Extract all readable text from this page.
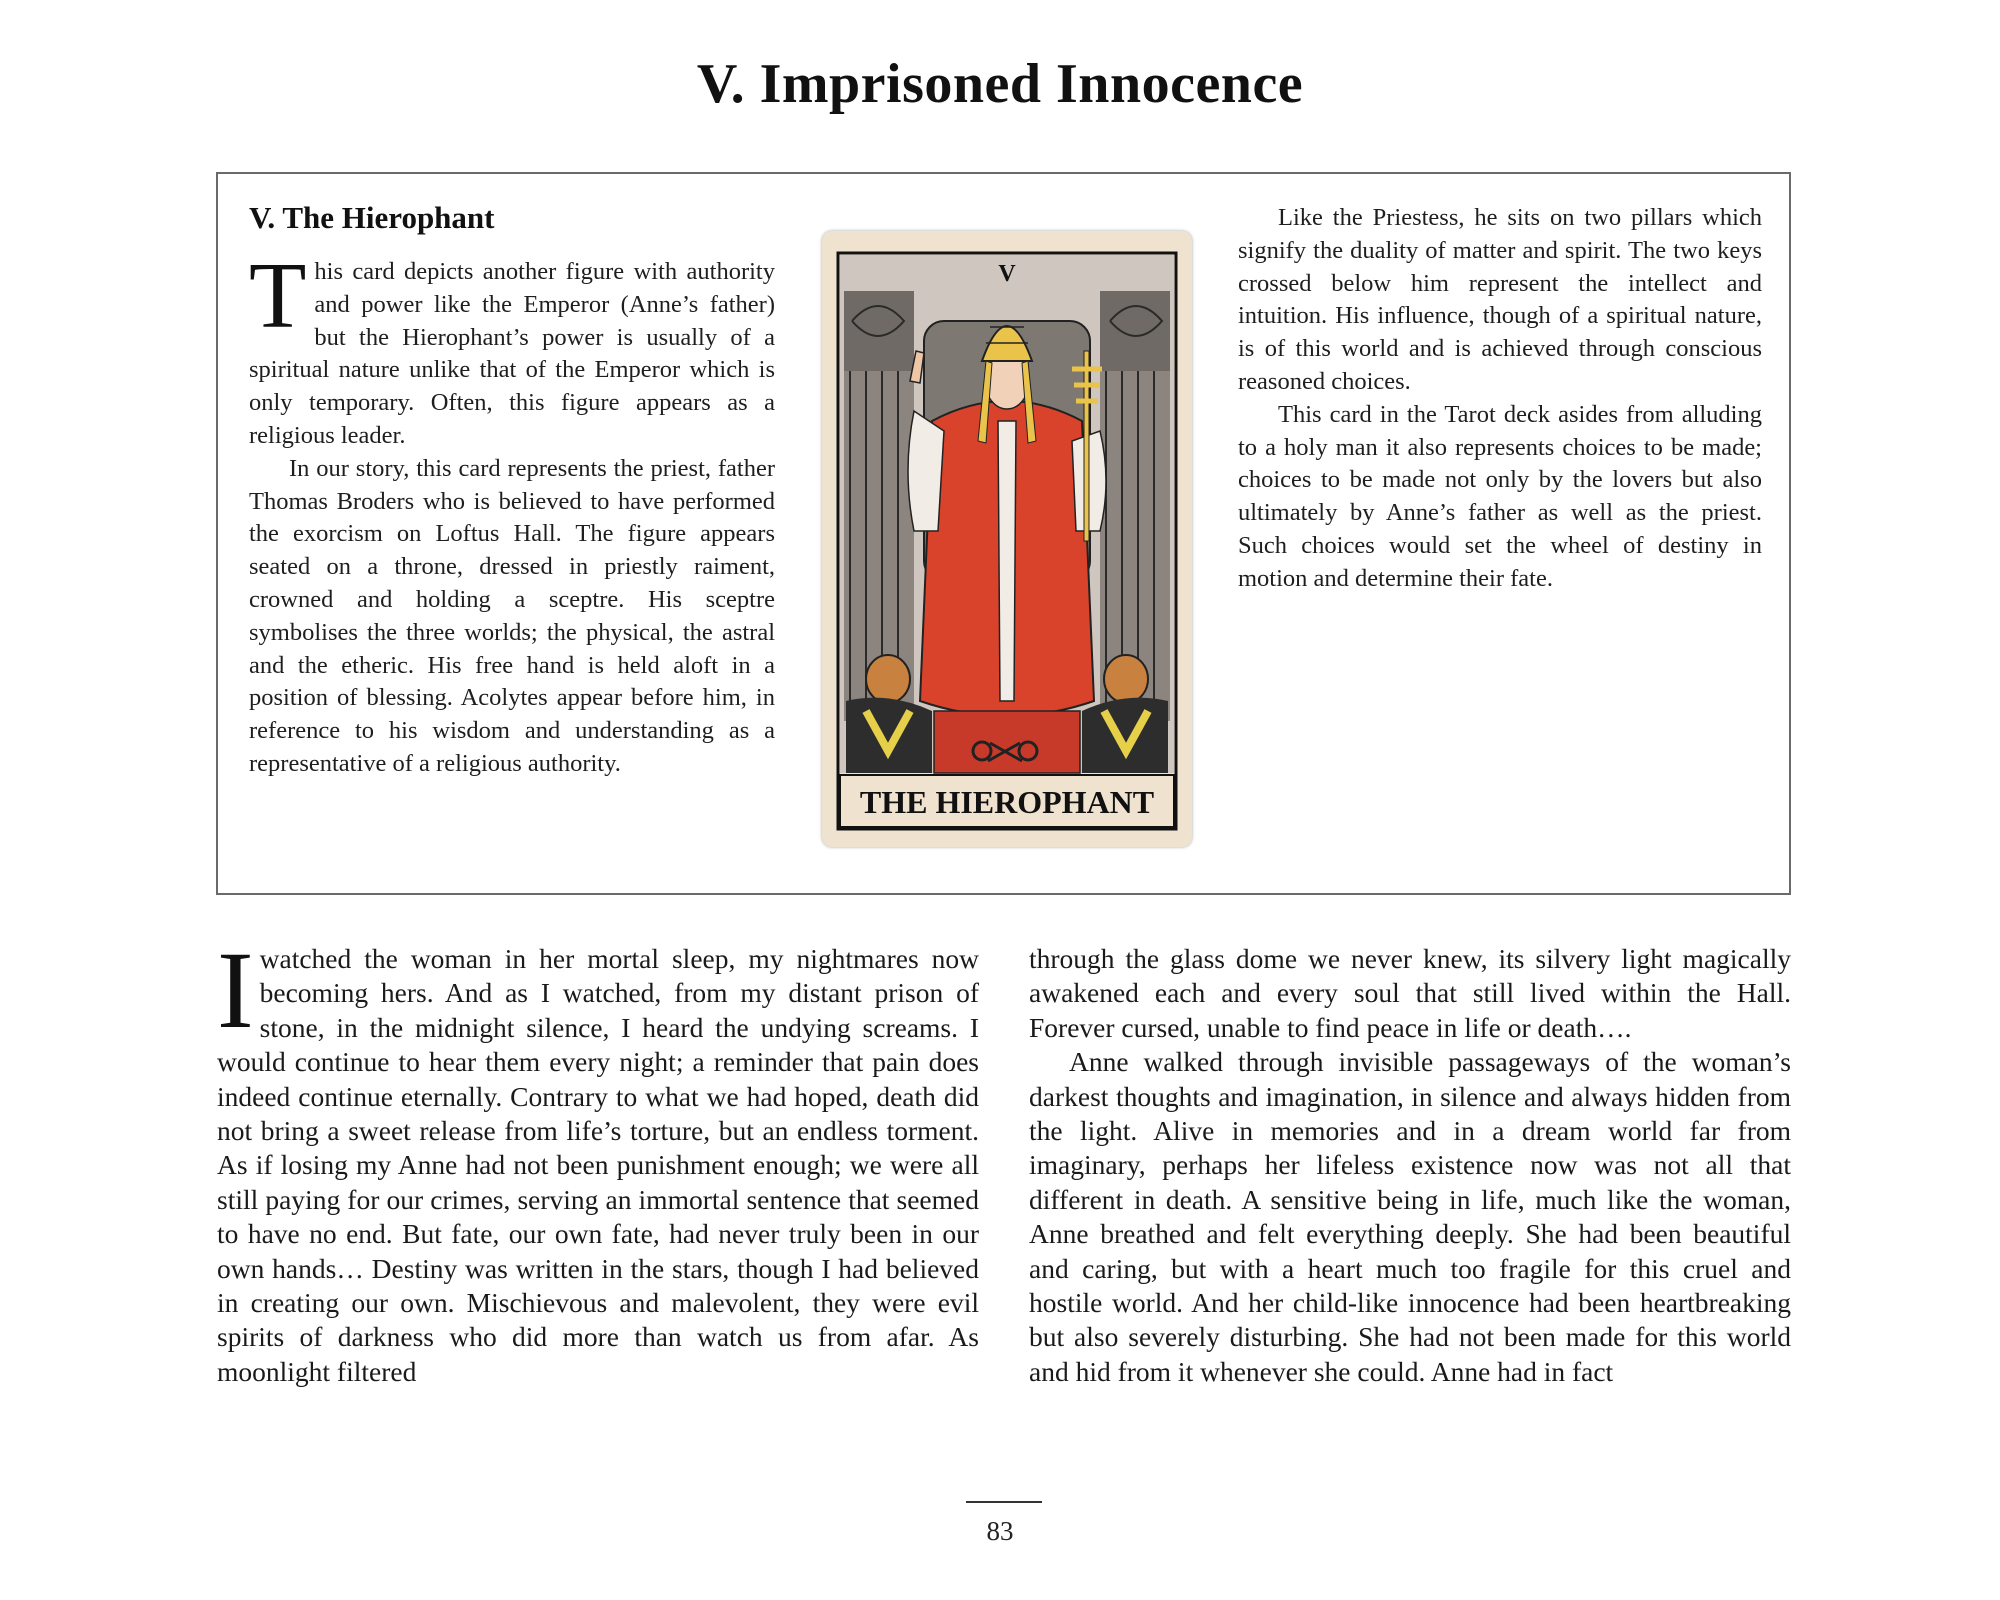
V. Imprisoned Innocence
V. The Hierophant

This card depicts another figure with authority and power like the Emperor (Anne’s father) but the Hierophant’s power is usually of a spiritual nature unlike that of the Emperor which is only temporary. Often, this figure appears as a religious leader.

In our story, this card represents the priest, father Thomas Broders who is believed to have performed the exorcism on Loftus Hall. The figure appears seated on a throne, dressed in priestly raiment, crowned and holding a sceptre. His sceptre symbolises the three worlds; the physical, the astral and the etheric. His free hand is held aloft in a position of blessing. Acolytes appear before him, in reference to his wisdom and understanding as a representative of a religious authority.

V
THE HIEROPHANT

Like the Priestess, he sits on two pillars which signify the duality of matter and spirit. The two keys crossed below him represent the intellect and intuition. His influence, though of a spiritual nature, is of this world and is achieved through conscious reasoned choices.

This card in the Tarot deck asides from alluding to a holy man it also represents choices to be made; choices to be made not only by the lovers but also ultimately by Anne’s father as well as the priest. Such choices would set the wheel of destiny in motion and determine their fate.

I watched the woman in her mortal sleep, my nightmares now becoming hers. And as I watched, from my distant prison of stone, in the midnight silence, I heard the undying screams. I would continue to hear them every night; a reminder that pain does indeed continue eternally. Contrary to what we had hoped, death did not bring a sweet release from life’s torture, but an endless torment. As if losing my Anne had not been punishment enough; we were all still paying for our crimes, serving an immortal sentence that seemed to have no end. But fate, our own fate, had never truly been in our own hands… Destiny was written in the stars, though I had believed in creating our own. Mischievous and malevolent, they were evil spirits of darkness who did more than watch us from afar. As moonlight filtered

through the glass dome we never knew, its silvery light magically awakened each and every soul that still lived within the Hall. Forever cursed, unable to find peace in life or death….

Anne walked through invisible passageways of the woman’s darkest thoughts and imagination, in silence and always hidden from the light. Alive in memories and in a dream world far from imaginary, perhaps her lifeless existence now was not all that different in death. A sensitive being in life, much like the woman, Anne breathed and felt everything deeply. She had been beautiful and caring, but with a heart much too fragile for this cruel and hostile world. And her child-like innocence had been heartbreaking but also severely disturbing. She had not been made for this world and hid from it whenever she could. Anne had in fact

83
